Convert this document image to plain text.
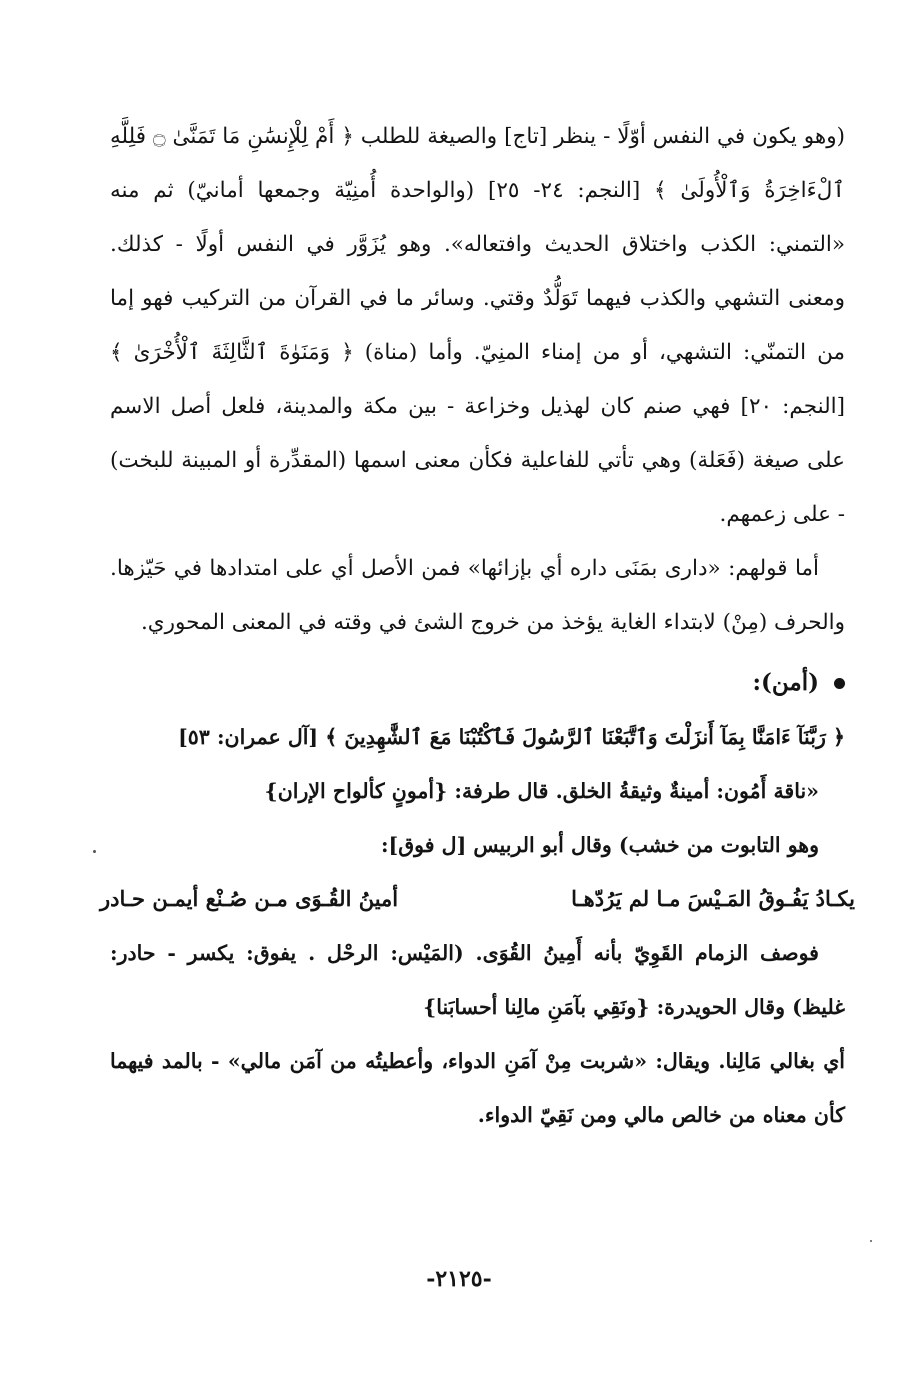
(وهو يكون في النفس أوّلًا - ينظر [تاج] والصيغة للطلب ﴿ أَمْ لِلْإِنسَٰنِ مَا تَمَنَّىٰ ۝ فَلِلَّهِ ٱلْءَاخِرَةُ وَٱلْأُولَىٰ ﴾ [النجم: ٢٤- ٢٥] (والواحدة أُمنِيّة وجمعها أمانيّ) ثم منه «التمني: الكذب واختلاق الحديث وافتعاله». وهو يُزَوَّر في النفس أولًا - كذلك. ومعنى التشهي والكذب فيهما تَوَلُّدٌ وقتي. وسائر ما في القرآن من التركيب فهو إما من التمنّي: التشهي، أو من إمناء المنِيّ. وأما (مناة) ﴿ وَمَنَوٰةَ ٱلثَّالِثَةَ ٱلْأُخْرَىٰ ﴾ [النجم: ٢٠] فهي صنم كان لهذيل وخزاعة - بين مكة والمدينة، فلعل أصل الاسم على صيغة (فَعَلة) وهي تأتي للفاعلية فكأن معنى اسمها (المقدِّرة أو المبينة للبخت) - على زعمهم.

أما قولهم: «دارى بمَنَى داره أي بإزائها» فمن الأصل أي على امتدادها في حَيّزها. والحرف (مِنْ) لابتداء الغاية يؤخذ من خروج الشئ في وقته في المعنى المحوري.

(أمن):

﴿ رَبَّنَآ ءَامَنَّا بِمَآ أَنزَلْتَ وَٱتَّبَعْنَا ٱلرَّسُولَ فَٱكْتُبْنَا مَعَ ٱلشَّٰهِدِينَ ﴾ [آل عمران: ٥٣]

«ناقة أَمُون: أمينةٌ وثيقةُ الخلق. قال طرفة: {أمونٍ كألواح الإران}

وهو التابوت من خشب) وقال أبو الربيس [ل فوق]:

يكـادُ يَفُـوقُ المَـيْسَ مـا لم يَرُدّهـا
أمينُ القُـوَى مـن صُـنْع أيمـن حـادر

فوصف الزمام القَوِيّ بأنه أَمِينُ القُوَى. (المَيْس: الرحْل . يفوق: يكسر - حادر: غليظ) وقال الحويدرة: {ونَقِي بآمَنِ مالِنا أحسابَنا}

أي بغالي مَالِنا. ويقال: «شربت مِنْ آمَنِ الدواء، وأعطيتُه من آمَن مالي» - بالمد فيهما كأن معناه من خالص مالي ومن نَقِيّ الدواء.

-٢١٢٥-
